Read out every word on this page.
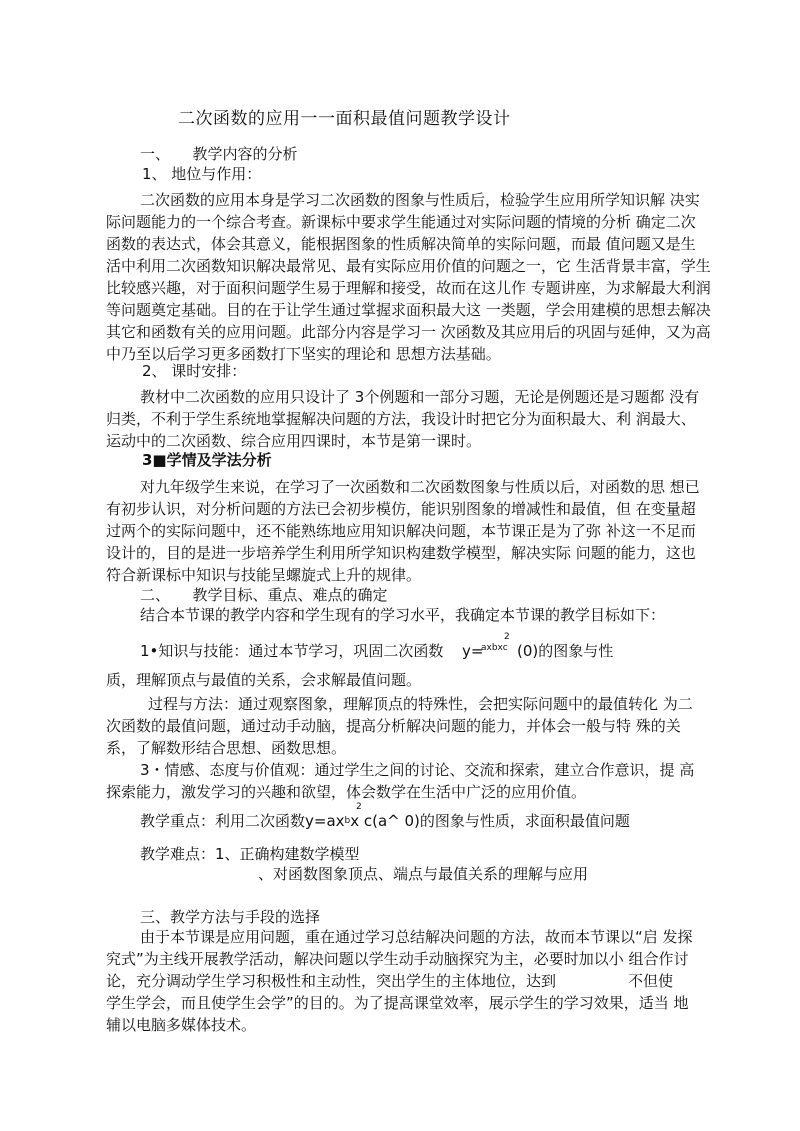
二次函数的应用一一面积最值问题教学设计
一、　　教学内容的分析
1、 地位与作用：
二次函数的应用本身是学习二次函数的图象与性质后，检验学生应用所学知识解 决实
际问题能力的一个综合考查。新课标中要求学生能通过对实际问题的情境的分析 确定二次
函数的表达式，体会其意义，能根据图象的性质解决简单的实际问题，而最 值问题又是生
活中利用二次函数知识解决最常见、最有实际应用价值的问题之一，它 生活背景丰富，学生
比较感兴趣，对于面积问题学生易于理解和接受，故而在这儿作 专题讲座，为求解最大利润
等问题奠定基础。目的在于让学生通过掌握求面积最大这 一类题，学会用建模的思想去解决
其它和函数有关的应用问题。此部分内容是学习一 次函数及其应用后的巩固与延伸，又为高
中乃至以后学习更多函数打下坚实的理论和 思想方法基础。
2、 课时安排：
教材中二次函数的应用只设计了 3个例题和一部分习题，无论是例题还是习题都 没有
归类，不利于学生系统地掌握解决问题的方法，我设计时把它分为面积最大、利 润最大、
运动中的二次函数、综合应用四课时，本节是第一课时。
3■学情及学法分析
对九年级学生来说，在学习了一次函数和二次函数图象与性质以后，对函数的思 想已
有初步认识，对分析问题的方法已会初步模仿，能识别图象的增减性和最值，但 在变量超
过两个的实际问题中，还不能熟练地应用知识解决问题，本节课正是为了弥 补这一不足而
设计的，目的是进一步培养学生利用所学知识构建数学模型，解决实际 问题的能力，这也
符合新课标中知识与技能呈螺旋式上升的规律。
二、　　教学目标、重点、难点的确定
结合本节课的教学内容和学生现有的学习水平，我确定本节课的教学目标如下：
2
1•知识与技能：通过本节学习，巩固二次函数 y=
axbxc (0)的图象与性
质，理解顶点与最值的关系，会求解最值问题。
过程与方法：通过观察图象，理解顶点的特殊性，会把实际问题中的最值转化 为二
次函数的最值问题，通过动手动脑，提高分析解决问题的能力，并体会一般与特 殊的关
系，了解数形结合思想、函数思想。
3・情感、态度与价值观：通过学生之间的讨论、交流和探索，建立合作意识，提 高
探索能力，激发学习的兴趣和欲望，体会数学在生活中广泛的应用价值。
2
教学重点：利用二次函数$y=ax^bx$ c(a^ 0)的图象与性质，求面积最值问题
教学难点：1、正确构建数学模型
、对函数图象顶点、端点与最值关系的理解与应用
三、教学方法与手段的选择
由于本节课是应用问题，重在通过学习总结解决问题的方法，故而本节课以“启 发探
究式”为主线开展教学活动，解决问题以学生动手动脑探究为主，必要时加以小 组合作讨
论，充分调动学生学习积极性和主动性，突出学生的主体地位，达到	不但使
学生学会，而且使学生会学”的目的。为了提高课堂效率，展示学生的学习效果，适当 地
辅以电脑多媒体技术。
